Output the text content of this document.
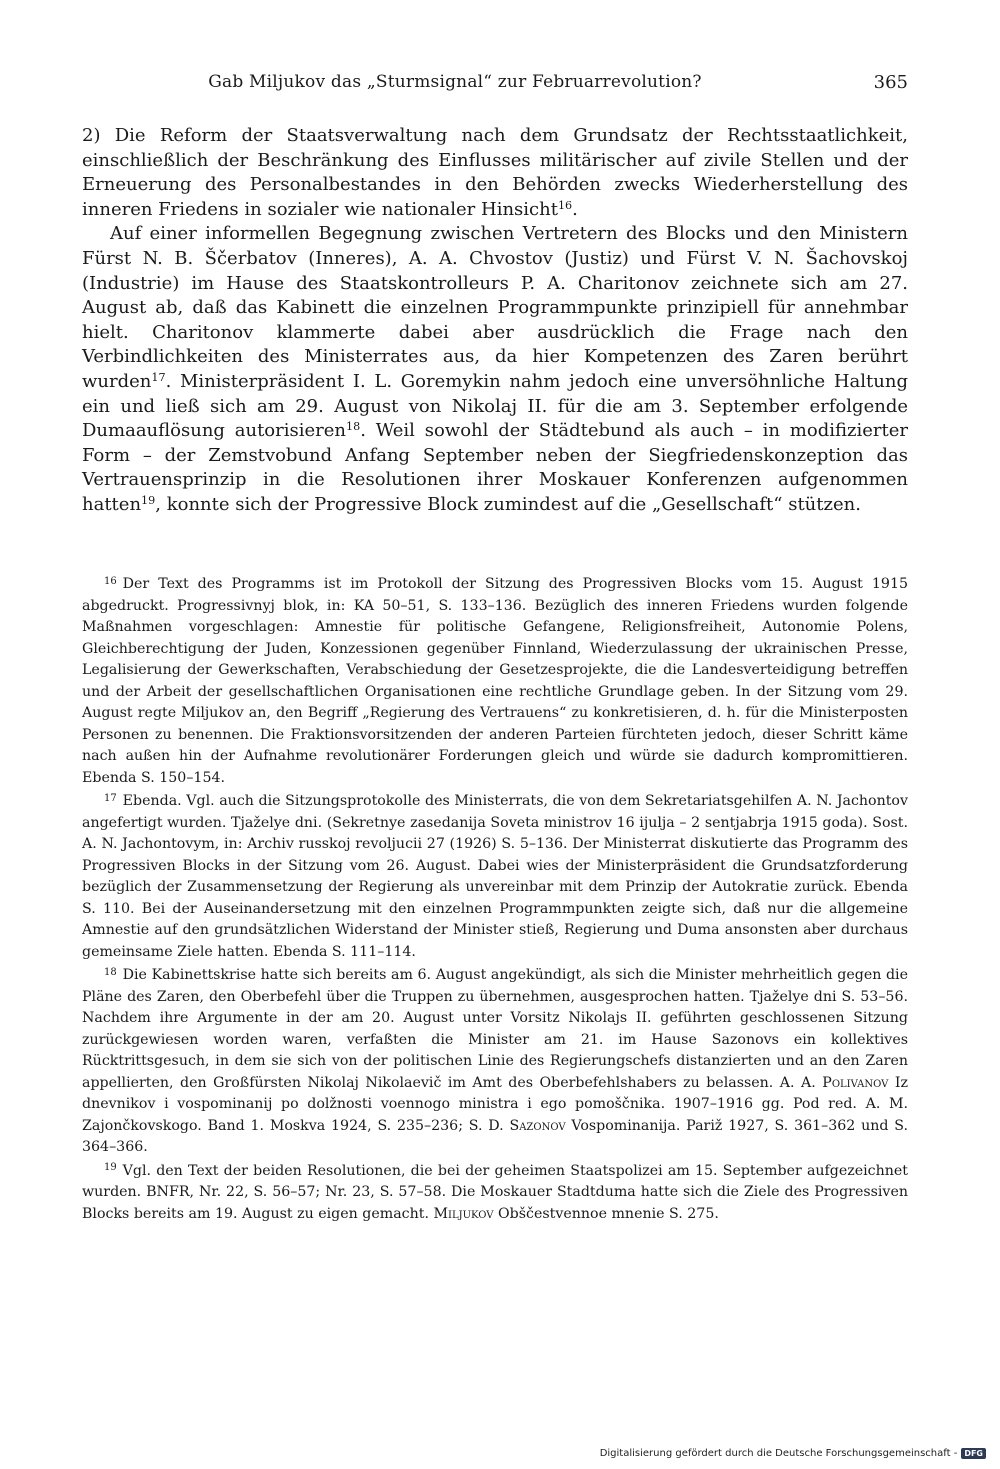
Gab Miljukov das „Sturmsignal“ zur Februarrevolution?	365

2) Die Reform der Staatsverwaltung nach dem Grundsatz der Rechtsstaatlichkeit, einschließlich der Beschränkung des Einflusses militärischer auf zivile Stellen und der Erneuerung des Personalbestandes in den Behörden zwecks Wiederherstellung des inneren Friedens in sozialer wie nationaler Hinsicht$^{16}$.

Auf einer informellen Begegnung zwischen Vertretern des Blocks und den Ministern Fürst N. B. Ščerbatov (Inneres), A. A. Chvostov (Justiz) und Fürst V. N. Šachovskoj (Industrie) im Hause des Staatskontrolleurs P. A. Charitonov zeichnete sich am 27. August ab, daß das Kabinett die einzelnen Programmpunkte prinzipiell für annehmbar hielt. Charitonov klammerte dabei aber ausdrücklich die Frage nach den Verbindlichkeiten des Ministerrates aus, da hier Kompetenzen des Zaren berührt wurden$^{17}$. Ministerpräsident I. L. Goremykin nahm jedoch eine unversöhnliche Haltung ein und ließ sich am 29. August von Nikolaj II. für die am 3. September erfolgende Dumaauflösung autorisieren$^{18}$. Weil sowohl der Städtebund als auch – in modifizierter Form – der Zemstvobund Anfang September neben der Siegfriedenskonzeption das Vertrauensprinzip in die Resolutionen ihrer Moskauer Konferenzen aufgenommen hatten$^{19}$, konnte sich der Progressive Block zumindest auf die „Gesellschaft“ stützen.

$^{16}$ Der Text des Programms ist im Protokoll der Sitzung des Progressiven Blocks vom 15. August 1915 abgedruckt. Progressivnyj blok, in: KA 50–51, S. 133–136. Bezüglich des inneren Friedens wurden folgende Maßnahmen vorgeschlagen: Amnestie für politische Gefangene, Religionsfreiheit, Autonomie Polens, Gleichberechtigung der Juden, Konzessionen gegenüber Finnland, Wiederzulassung der ukrainischen Presse, Legalisierung der Gewerkschaften, Verabschiedung der Gesetzesprojekte, die die Landesverteidigung betreffen und der Arbeit der gesellschaftlichen Organisationen eine rechtliche Grundlage geben. In der Sitzung vom 29. August regte Miljukov an, den Begriff „Regierung des Vertrauens“ zu konkretisieren, d. h. für die Ministerposten Personen zu benennen. Die Fraktionsvorsitzenden der anderen Parteien fürchteten jedoch, dieser Schritt käme nach außen hin der Aufnahme revolutionärer Forderungen gleich und würde sie dadurch kompromittieren. Ebenda S. 150–154.

$^{17}$ Ebenda. Vgl. auch die Sitzungsprotokolle des Ministerrats, die von dem Sekretariatsgehilfen A. N. Jachontov angefertigt wurden. Tjaželye dni. (Sekretnye zasedanija Soveta ministrov 16 ijulja – 2 sentjabrja 1915 goda). Sost. A. N. Jachontovym, in: Archiv russkoj revoljucii 27 (1926) S. 5–136. Der Ministerrat diskutierte das Programm des Progressiven Blocks in der Sitzung vom 26. August. Dabei wies der Ministerpräsident die Grundsatzforderung bezüglich der Zusammensetzung der Regierung als unvereinbar mit dem Prinzip der Autokratie zurück. Ebenda S. 110. Bei der Auseinandersetzung mit den einzelnen Programmpunkten zeigte sich, daß nur die allgemeine Amnestie auf den grundsätzlichen Widerstand der Minister stieß, Regierung und Duma ansonsten aber durchaus gemeinsame Ziele hatten. Ebenda S. 111–114.

$^{18}$ Die Kabinettskrise hatte sich bereits am 6. August angekündigt, als sich die Minister mehrheitlich gegen die Pläne des Zaren, den Oberbefehl über die Truppen zu übernehmen, ausgesprochen hatten. Tjaželye dni S. 53–56. Nachdem ihre Argumente in der am 20. August unter Vorsitz Nikolajs II. geführten geschlossenen Sitzung zurückgewiesen worden waren, verfaßten die Minister am 21. im Hause Sazonovs ein kollektives Rücktrittsgesuch, in dem sie sich von der politischen Linie des Regierungschefs distanzierten und an den Zaren appellierten, den Großfürsten Nikolaj Nikolaevič im Amt des Oberbefehlshabers zu belassen. A. A. Polivanov Iz dnevnikov i vospominanij po dolžnosti voennogo ministra i ego pomoščnika. 1907–1916 gg. Pod red. A. M. Zajončkovskogo. Band 1. Moskva 1924, S. 235–236; S. D. Sazonov Vospominanija. Pariž 1927, S. 361–362 und S. 364–366.

$^{19}$ Vgl. den Text der beiden Resolutionen, die bei der geheimen Staatspolizei am 15. September aufgezeichnet wurden. BNFR, Nr. 22, S. 56–57; Nr. 23, S. 57–58. Die Moskauer Stadtduma hatte sich die Ziele des Progressiven Blocks bereits am 19. August zu eigen gemacht. Miljukov Obščestvennoe mnenie S. 275.

Digitalisierung gefördert durch die Deutsche Forschungsgemeinschaft - DFG
